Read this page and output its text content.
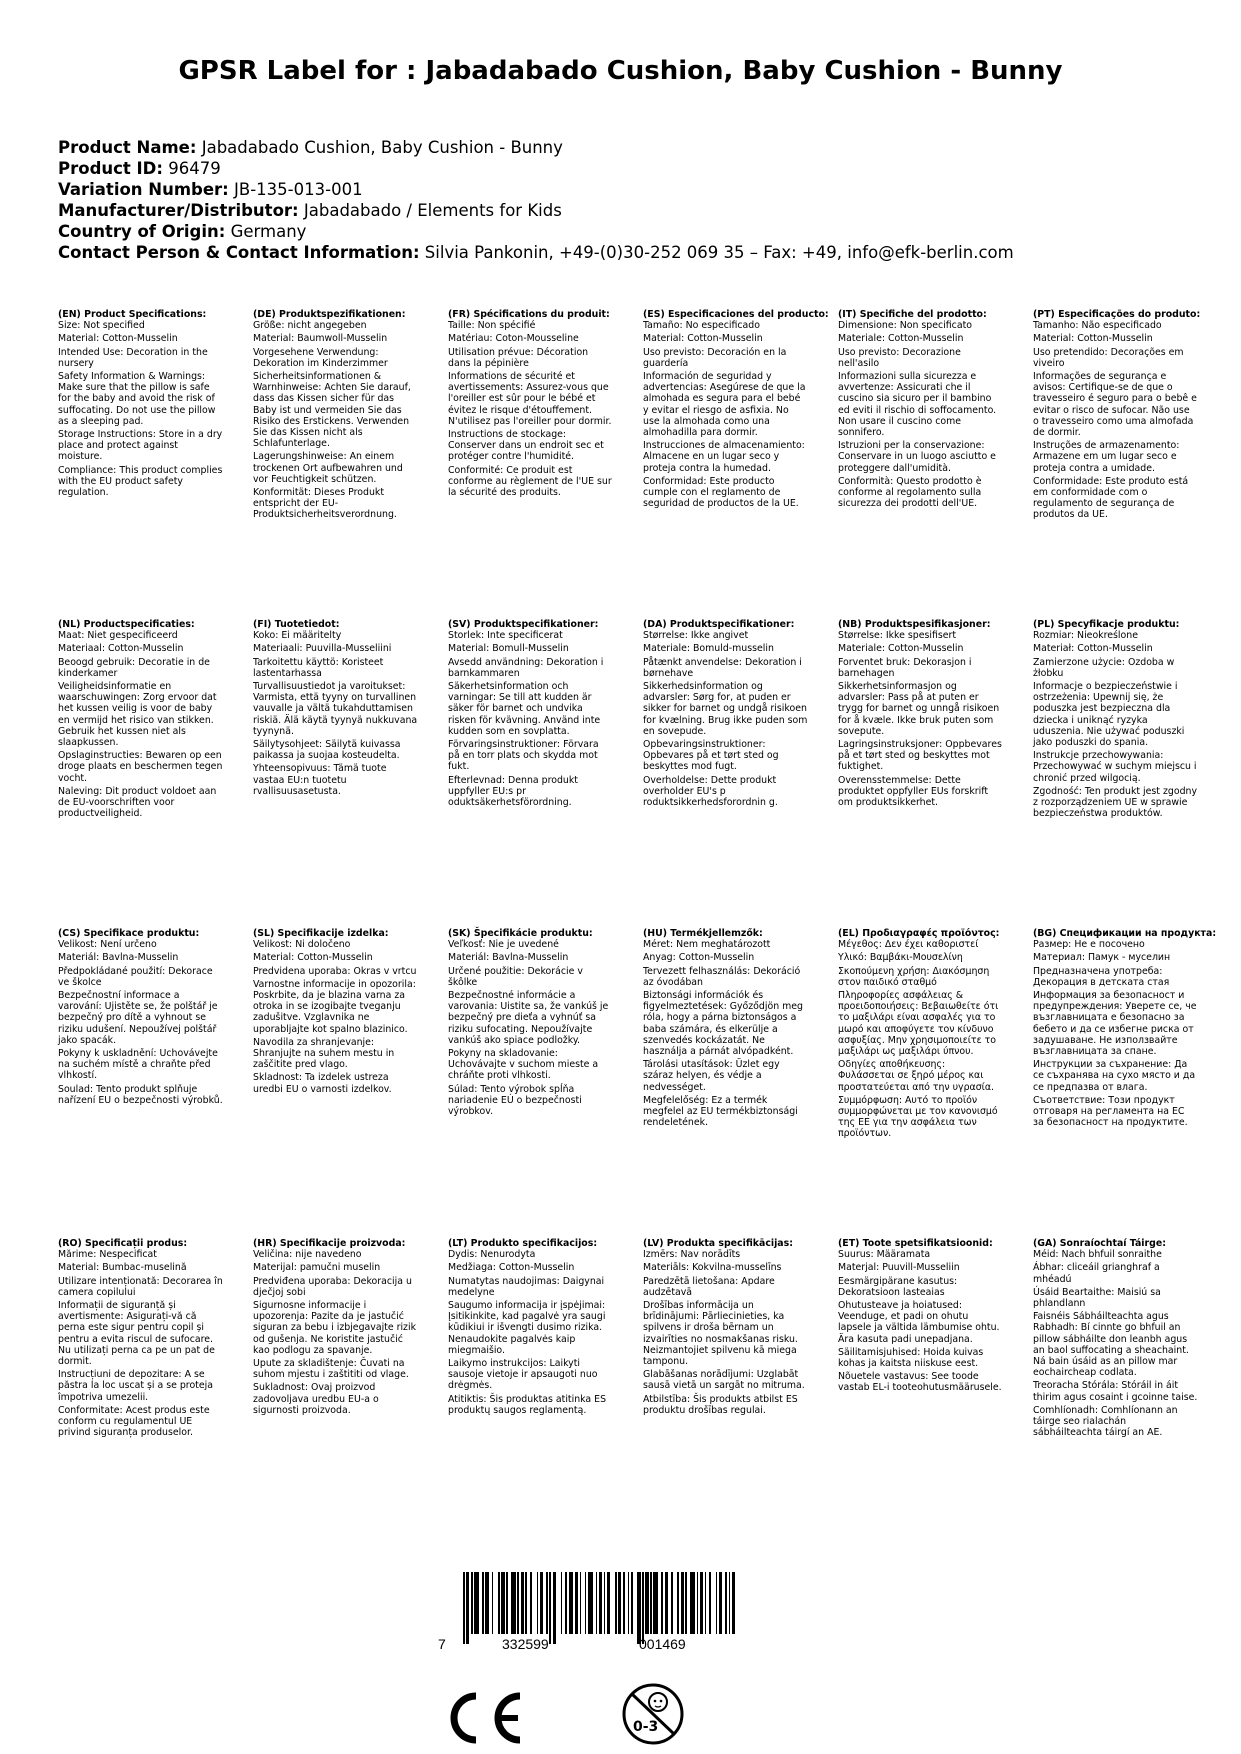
GPSR Label for : Jabadabado Cushion, Baby Cushion - Bunny
Product Name: Jabadabado Cushion, Baby Cushion - Bunny
Product ID: 96479
Variation Number: JB-135-013-001
Manufacturer/Distributor: Jabadabado / Elements for Kids
Country of Origin: Germany
Contact Person & Contact Information: Silvia Pankonin, +49-(0)30-252 069 35 – Fax: +49, info@efk-berlin.com
(EN) Product Specifications:
Size: Not specified
Material: Cotton-Musselin
Intended Use: Decoration in the nursery
Safety Information & Warnings: Make sure that the pillow is safe for the baby and avoid the risk of suffocating. Do not use the pillow as a sleeping pad.
Storage Instructions: Store in a dry place and protect against moisture.
Compliance: This product complies with the EU product safety regulation.
(DE) Produktspezifikationen:
Größe: nicht angegeben
Material: Baumwoll-Musselin
Vorgesehene Verwendung: Dekoration im Kinderzimmer
Sicherheitsinformationen & Warnhinweise: Achten Sie darauf, dass das Kissen sicher für das Baby ist und vermeiden Sie das Risiko des Erstickens. Verwenden Sie das Kissen nicht als Schlafunterlage.
Lagerungshinweise: An einem trockenen Ort aufbewahren und vor Feuchtigkeit schützen.
Konformität: Dieses Produkt entspricht der EU-Produktsicherheitsverordnung.
(FR) Spécifications du produit:
Taille: Non spécifié
Matériau: Coton-Mousseline
Utilisation prévue: Décoration dans la pépinière
Informations de sécurité et avertissements: Assurez-vous que l'oreiller est sûr pour le bébé et évitez le risque d'étouffement. N'utilisez pas l'oreiller pour dormir.
Instructions de stockage: Conserver dans un endroit sec et protéger contre l'humidité.
Conformité: Ce produit est conforme au règlement de l'UE sur la sécurité des produits.
(ES) Especificaciones del producto:
Tamaño: No especificado
Material: Cotton-Musselin
Uso previsto: Decoración en la guardería
Información de seguridad y advertencias: Asegúrese de que la almohada es segura para el bebé y evitar el riesgo de asfixia. No use la almohada como una almohadilla para dormir.
Instrucciones de almacenamiento: Almacene en un lugar seco y proteja contra la humedad.
Conformidad: Este producto cumple con el reglamento de seguridad de productos de la UE.
(IT) Specifiche del prodotto:
Dimensione: Non specificato
Materiale: Cotton-Musselin
Uso previsto: Decorazione nell'asilo
Informazioni sulla sicurezza e avvertenze: Assicurati che il cuscino sia sicuro per il bambino ed eviti il rischio di soffocamento. Non usare il cuscino come sonnifero.
Istruzioni per la conservazione: Conservare in un luogo asciutto e proteggere dall'umidità.
Conformità: Questo prodotto è conforme al regolamento sulla sicurezza dei prodotti dell'UE.
(PT) Especificações do produto:
Tamanho: Não especificado
Material: Cotton-Musselin
Uso pretendido: Decorações em viveiro
Informações de segurança e avisos: Certifique-se de que o travesseiro é seguro para o bebê e evitar o risco de sufocar. Não use o travesseiro como uma almofada de dormir.
Instruções de armazenamento: Armazene em um lugar seco e proteja contra a umidade.
Conformidade: Este produto está em conformidade com o regulamento de segurança de produtos da UE.
(NL) Productspecificaties:
Maat: Niet gespecificeerd
Materiaal: Cotton-Musselin
Beoogd gebruik: Decoratie in de kinderkamer
Veiligheidsinformatie en waarschuwingen: Zorg ervoor dat het kussen veilig is voor de baby en vermijd het risico van stikken. Gebruik het kussen niet als slaapkussen.
Opslaginstructies: Bewaren op een droge plaats en beschermen tegen vocht.
Naleving: Dit product voldoet aan de EU-voorschriften voor productveiligheid.
(FI) Tuotetiedot:
Koko: Ei määritelty
Materiaali: Puuvilla-Musseliini
Tarkoitettu käyttö: Koristeet lastentarhassa
Turvallisuustiedot ja varoitukset: Varmista, että tyyny on turvallinen vauvalle ja vältä tukahduttamisen riskiä. Älä käytä tyynyä nukkuvana tyynynä.
Säilytysohjeet: Säilytä kuivassa paikassa ja suojaa kosteudelta.
Yhteensopivuus: Tämä tuote vastaa EU:n tuotetu rvallisuusasetusta.
(SV) Produktspecifikationer:
Storlek: Inte specificerat
Material: Bomull-Musselin
Avsedd användning: Dekoration i barnkammaren
Säkerhetsinformation och varningar: Se till att kudden är säker för barnet och undvika risken för kvävning. Använd inte kudden som en sovplatta.
Förvaringsinstruktioner: Förvara på en torr plats och skydda mot fukt.
Efterlevnad: Denna produkt uppfyller EU:s pr oduktsäkerhetsförordning.
(DA) Produktspecifikationer:
Størrelse: Ikke angivet
Materiale: Bomuld-musselin
Påtænkt anvendelse: Dekoration i børnehave
Sikkerhedsinformation og advarsler: Sørg for, at puden er sikker for barnet og undgå risikoen for kvælning. Brug ikke puden som en sovepude.
Opbevaringsinstruktioner: Opbevares på et tørt sted og beskyttes mod fugt.
Overholdelse: Dette produkt overholder EU's p roduktsikkerhedsforordnin g.
(NB) Produktspesifikasjoner:
Størrelse: Ikke spesifisert
Materiale: Cotton-Musselin
Forventet bruk: Dekorasjon i barnehagen
Sikkerhetsinformasjon og advarsler: Pass på at puten er trygg for barnet og unngå risikoen for å kvæle. Ikke bruk puten som sovepute.
Lagringsinstruksjoner: Oppbevares på et tørt sted og beskyttes mot fuktighet.
Overensstemmelse: Dette produktet oppfyller EUs forskrift om produktsikkerhet.
(PL) Specyfikacje produktu:
Rozmiar: Nieokreślone
Materiał: Cotton-Musselin
Zamierzone użycie: Ozdoba w żłobku
Informacje o bezpieczeństwie i ostrzeżenia: Upewnij się, że poduszka jest bezpieczna dla dziecka i uniknąć ryzyka uduszenia. Nie używać poduszki jako poduszki do spania.
Instrukcje przechowywania: Przechowywać w suchym miejscu i chronić przed wilgocią.
Zgodność: Ten produkt jest zgodny z rozporządzeniem UE w sprawie bezpieczeństwa produktów.
(CS) Specifikace produktu:
Velikost: Není určeno
Materiál: Bavlna-Musselin
Předpokládané použití: Dekorace ve školce
Bezpečnostní informace a varování: Ujistěte se, že polštář je bezpečný pro dítě a vyhnout se riziku udušení. Nepoužívej polštář jako spacák.
Pokyny k uskladnění: Uchovávejte na suchém místě a chraňte před vlhkostí.
Soulad: Tento produkt splňuje nařízení EU o bezpečnosti výrobků.
(SL) Specifikacije izdelka:
Velikost: Ni določeno
Material: Cotton-Musselin
Predvidena uporaba: Okras v vrtcu
Varnostne informacije in opozorila: Poskrbite, da je blazina varna za otroka in se izogibajte tveganju zadušitve. Vzglavnika ne uporabljajte kot spalno blazinico.
Navodila za shranjevanje: Shranjujte na suhem mestu in zaščitite pred vlago.
Skladnost: Ta izdelek ustreza uredbi EU o varnosti izdelkov.
(SK) Špecifikácie produktu:
Veľkosť: Nie je uvedené
Materiál: Bavlna-Musselin
Určené použitie: Dekorácie v škôlke
Bezpečnostné informácie a varovania: Uistite sa, že vankúš je bezpečný pre dieťa a vyhnúť sa riziku sufocating. Nepoužívajte vankúš ako spiace podložky.
Pokyny na skladovanie: Uchovávajte v suchom mieste a chráňte proti vlhkosti.
Súlad: Tento výrobok spĺňa nariadenie EÚ o bezpečnosti výrobkov.
(HU) Termékjellemzők:
Méret: Nem meghatározott
Anyag: Cotton-Musselin
Tervezett felhasználás: Dekoráció az óvodában
Biztonsági információk és figyelmeztetések: Győződjön meg róla, hogy a párna biztonságos a baba számára, és elkerülje a szenvedés kockázatát. Ne használja a párnát alvópadként.
Tárolási utasítások: Üzlet egy száraz helyen, és védje a nedvességet.
Megfelelőség: Ez a termék megfelel az EU termékbiztonsági rendeletének.
(EL) Προδιαγραφές προϊόντος:
Μέγεθος: Δεν έχει καθοριστεί
Υλικό: Βαμβάκι-Μουσελίνη
Σκοπούμενη χρήση: Διακόσμηση στον παιδικό σταθμό
Πληροφορίες ασφάλειας & προειδοποιήσεις: Βεβαιωθείτε ότι το μαξιλάρι είναι ασφαλές για το μωρό και αποφύγετε τον κίνδυνο ασφυξίας. Μην χρησιμοποιείτε το μαξιλάρι ως μαξιλάρι ύπνου.
Οδηγίες αποθήκευσης: Φυλάσσεται σε ξηρό μέρος και προστατεύεται από την υγρασία.
Συμμόρφωση: Αυτό το προϊόν συμμορφώνεται με τον κανονισμό της ΕΕ για την ασφάλεια των προϊόντων.
(BG) Спецификации на продукта:
Размер: Не е посочено
Материал: Памук - муселин
Предназначена употреба: Декорация в детската стая
Информация за безопасност и предупреждения: Уверете се, че възглавницата е безопасно за бебето и да се избегне риска от задушаване. Не използвайте възглавницата за спане.
Инструкции за съхранение: Да се съхранява на сухо място и да се предпазва от влага.
Съответствие: Този продукт отговаря на регламента на ЕС за безопасност на продуктите.
(RO) Specificații produs:
Mărime: Nespecificat
Material: Bumbac-muselină
Utilizare intenționată: Decorarea în camera copilului
Informații de siguranță și avertismente: Asigurați-vă că perna este sigur pentru copil și pentru a evita riscul de sufocare. Nu utilizați perna ca pe un pat de dormit.
Instrucțiuni de depozitare: A se păstra la loc uscat și a se proteja împotriva umezelii.
Conformitate: Acest produs este conform cu regulamentul UE privind siguranța produselor.
(HR) Specifikacije proizvoda:
Veličina: nije navedeno
Materijal: pamučni muselin
Predviđena uporaba: Dekoracija u dječjoj sobi
Sigurnosne informacije i upozorenja: Pazite da je jastučić siguran za bebu i izbjegavajte rizik od gušenja. Ne koristite jastučić kao podlogu za spavanje.
Upute za skladištenje: Čuvati na suhom mjestu i zaštititi od vlage.
Sukladnost: Ovaj proizvod zadovoljava uredbu EU-a o sigurnosti proizvoda.
(LT) Produkto specifikacijos:
Dydis: Nenurodyta
Medžiaga: Cotton-Musselin
Numatytas naudojimas: Daigynai medelyne
Saugumo informacija ir įspėjimai: Įsitikinkite, kad pagalvė yra saugi kūdikiui ir išvengti dusimo rizika. Nenaudokite pagalvės kaip miegmaišio.
Laikymo instrukcijos: Laikyti sausoje vietoje ir apsaugoti nuo drėgmės.
Atitiktis: Šis produktas atitinka ES produktų saugos reglamentą.
(LV) Produkta specifikācijas:
Izmērs: Nav norādīts
Materiāls: Kokvilna-musselīns
Paredzētā lietošana: Apdare audzētavā
Drošības informācija un brīdinājumi: Pārliecinieties, ka spilvens ir droša bērnam un izvairīties no nosmakšanas risku. Neizmantojiet spilvenu kā miega tamponu.
Glabāšanas norādījumi: Uzglabāt sausā vietā un sargāt no mitruma.
Atbilstība: Šis produkts atbilst ES produktu drošības regulai.
(ET) Toote spetsifikatsioonid:
Suurus: Määramata
Materjal: Puuvill-Musseliin
Eesmärgipärane kasutus: Dekoratsioon lasteaias
Ohutusteave ja hoiatused: Veenduge, et padi on ohutu lapsele ja vältida lämbumise ohtu. Ära kasuta padi unepadjana.
Säilitamisjuhised: Hoida kuivas kohas ja kaitsta niiskuse eest.
Nõuetele vastavus: See toode vastab EL-i tooteohutusmäärusele.
(GA) Sonraíochtaí Táirge:
Méid: Nach bhfuil sonraithe
Ábhar: cliceáil grianghraf a mhéadú
Úsáid Beartaithe: Maisiú sa phlandlann
Faisnéis Sábháilteachta agus Rabhadh: Bí cinnte go bhfuil an pillow sábháilte don leanbh agus an baol suffocating a sheachaint. Ná bain úsáid as an pillow mar eochaircheap codlata.
Treoracha Stórála: Stóráil in áit thirim agus cosaint i gcoinne taise.
Comhlíonadh: Comhlíonann an táirge seo rialachán sábháilteachta táirgí an AE.
7	332599	001469
0-3
